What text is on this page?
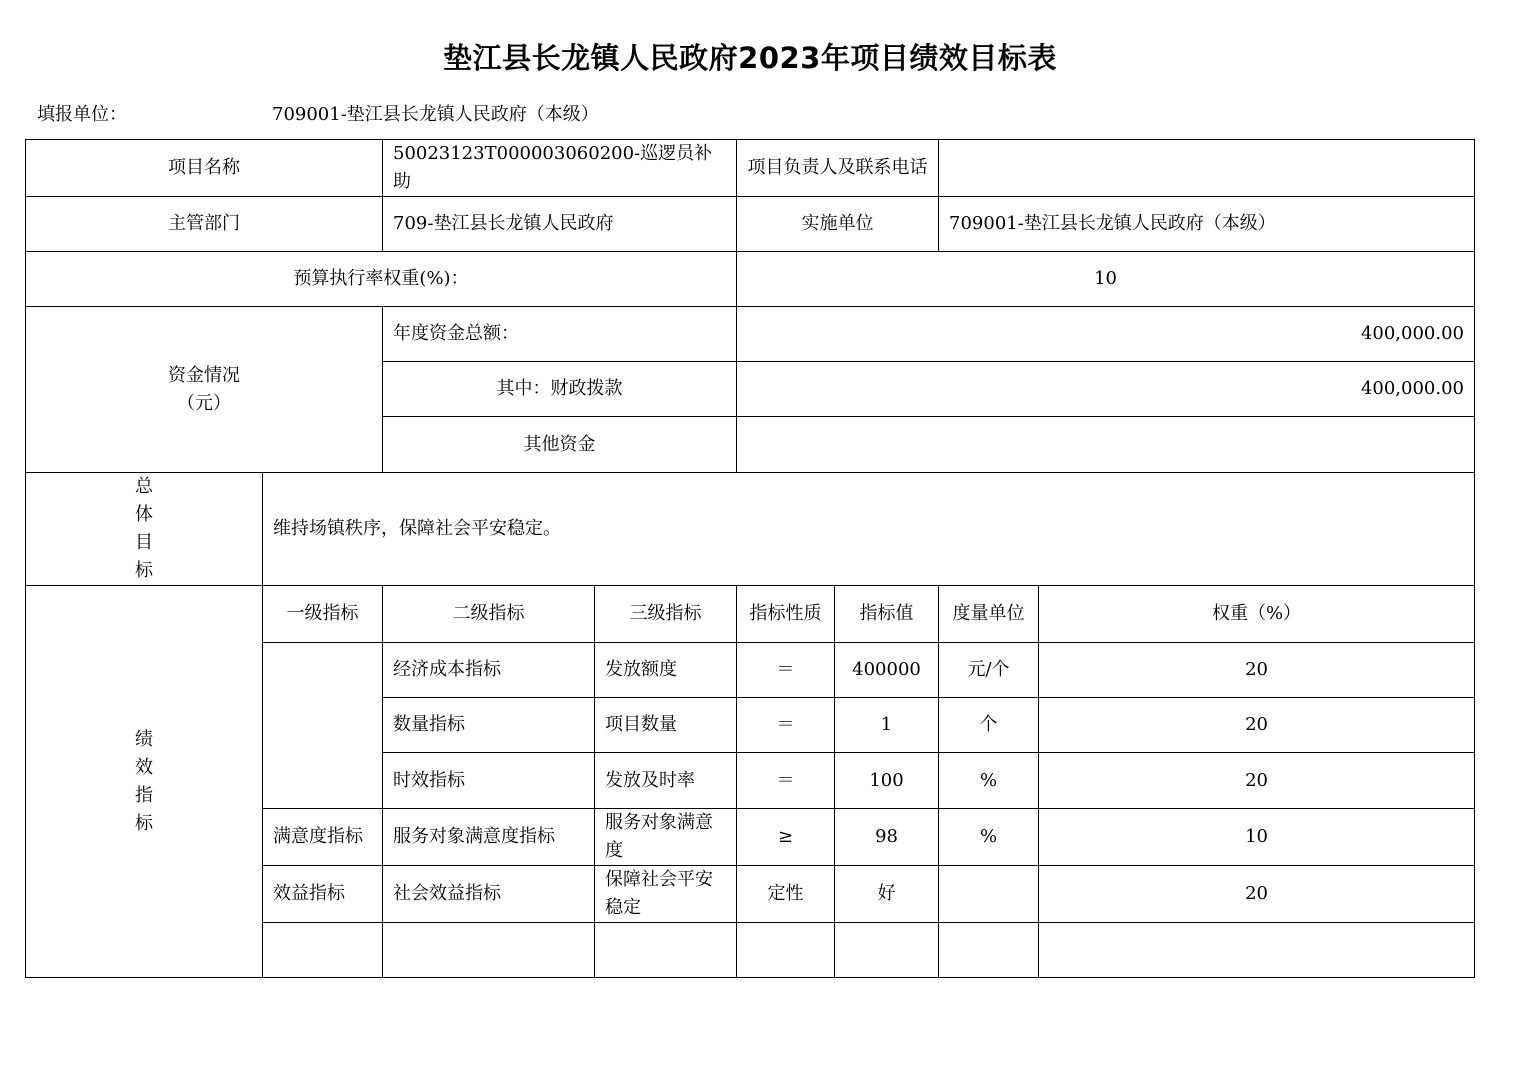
垫江县长龙镇人民政府2023年项目绩效目标表
填报单位：	709001-垫江县长龙镇人民政府（本级）
项目名称		50023123T000003060200-巡逻员补助		项目负责人及联系电话			
主管部门		709-垫江县长龙镇人民政府		实施单位		709001-垫江县长龙镇人民政府（本级）	
预算执行率权重(%)：				10			

资金情况
（元）		年度资金总额：		400,000.00			
		其中：财政拨款		400,000.00			
		其他资金					

总
体
目
标	维持场镇秩序，保障社会平安稳定。						

绩
效
指
标	一级指标	二级指标	三级指标	指标性质	指标值	度量单位	权重（%）
		经济成本指标	发放额度	＝	400000	元/个	20
		数量指标	项目数量	＝	1	个	20
		时效指标	发放及时率	＝	100	%	20
	满意度指标	服务对象满意度指标	服务对象满意度	≥	98	%	10
	效益指标	社会效益指标	保障社会平安稳定	定性	好		20
